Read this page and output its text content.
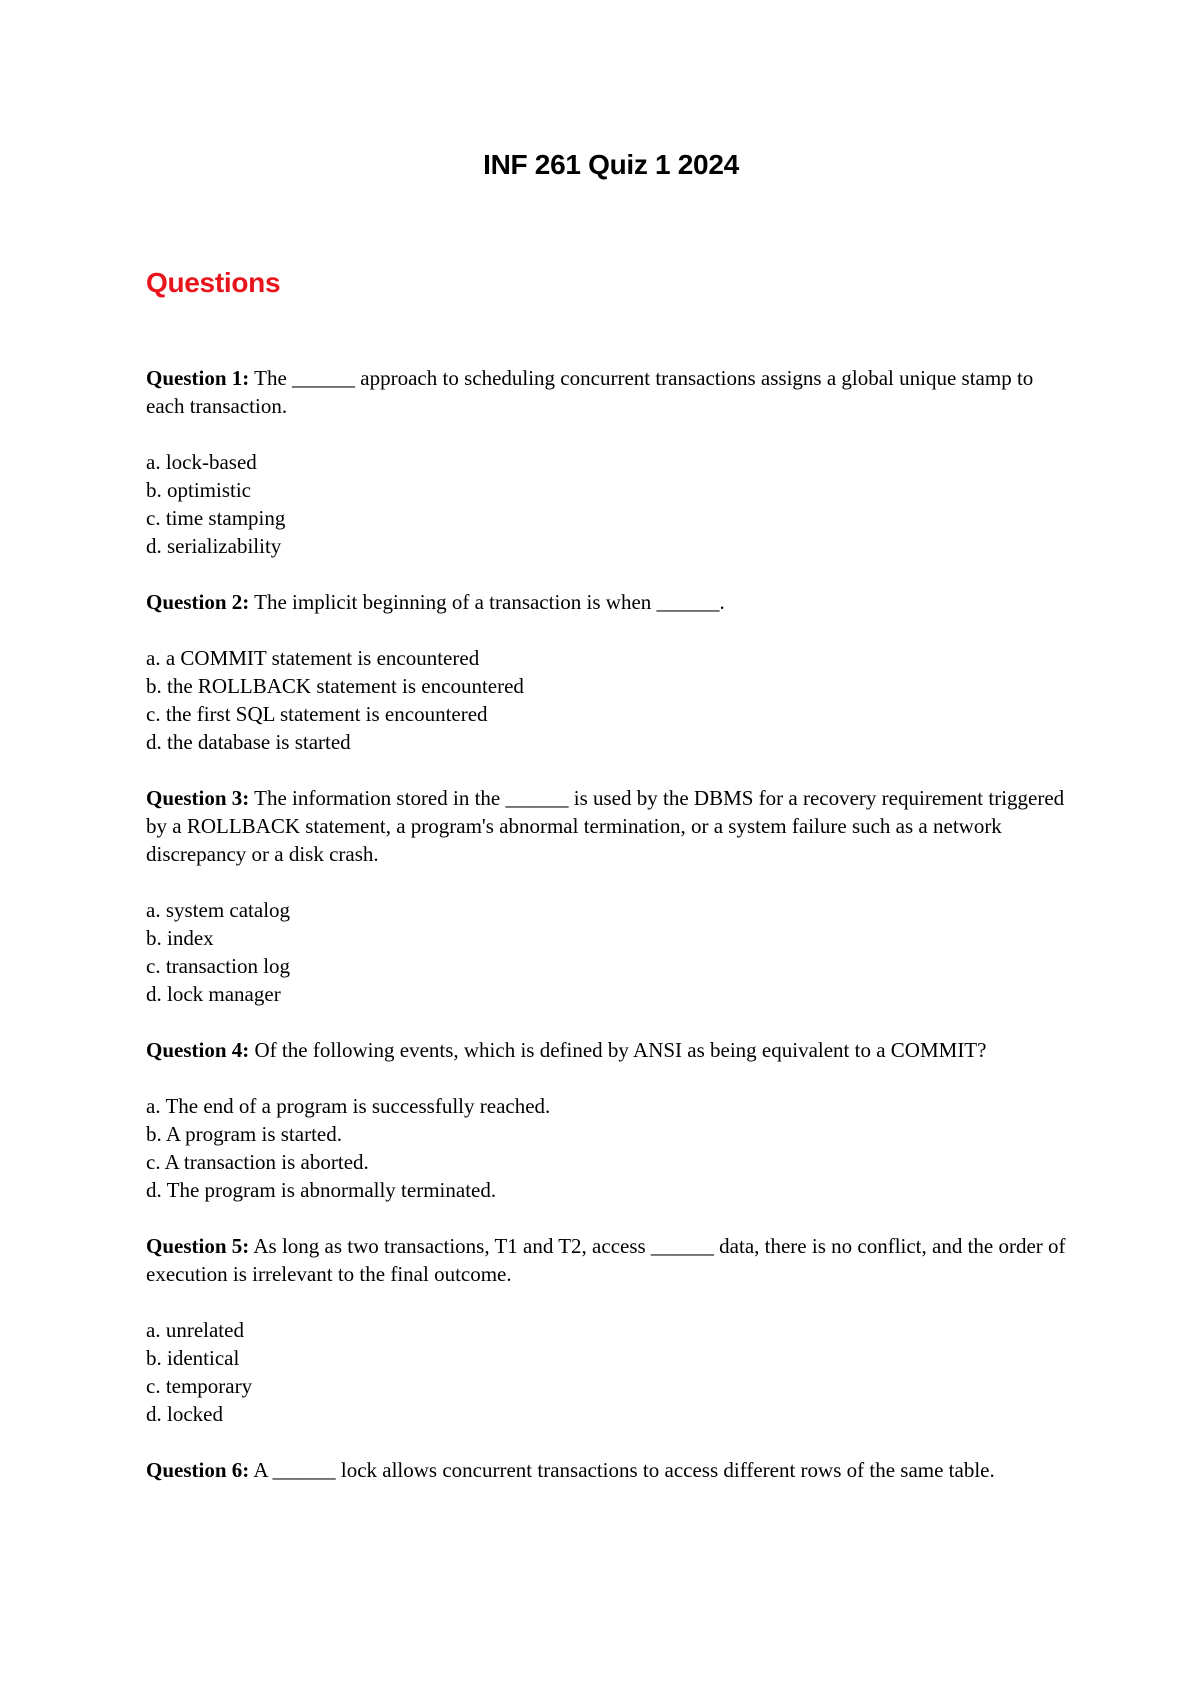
INF 261 Quiz 1 2024
Questions

Question 1: The ______ approach to scheduling concurrent transactions assigns a global unique stamp to each transaction.

a. lock-based
b. optimistic
c. time stamping
d. serializability

Question 2: The implicit beginning of a transaction is when ______.

a. a COMMIT statement is encountered
b. the ROLLBACK statement is encountered
c. the first SQL statement is encountered
d. the database is started

Question 3: The information stored in the ______ is used by the DBMS for a recovery requirement triggered by a ROLLBACK statement, a program's abnormal termination, or a system failure such as a network discrepancy or a disk crash.

a. system catalog
b. index
c. transaction log
d. lock manager

Question 4: Of the following events, which is defined by ANSI as being equivalent to a COMMIT?

a. The end of a program is successfully reached.
b. A program is started.
c. A transaction is aborted.
d. The program is abnormally terminated.

Question 5: As long as two transactions, T1 and T2, access ______ data, there is no conflict, and the order of execution is irrelevant to the final outcome.

a. unrelated
b. identical
c. temporary
d. locked

Question 6: A ______ lock allows concurrent transactions to access different rows of the same table.
